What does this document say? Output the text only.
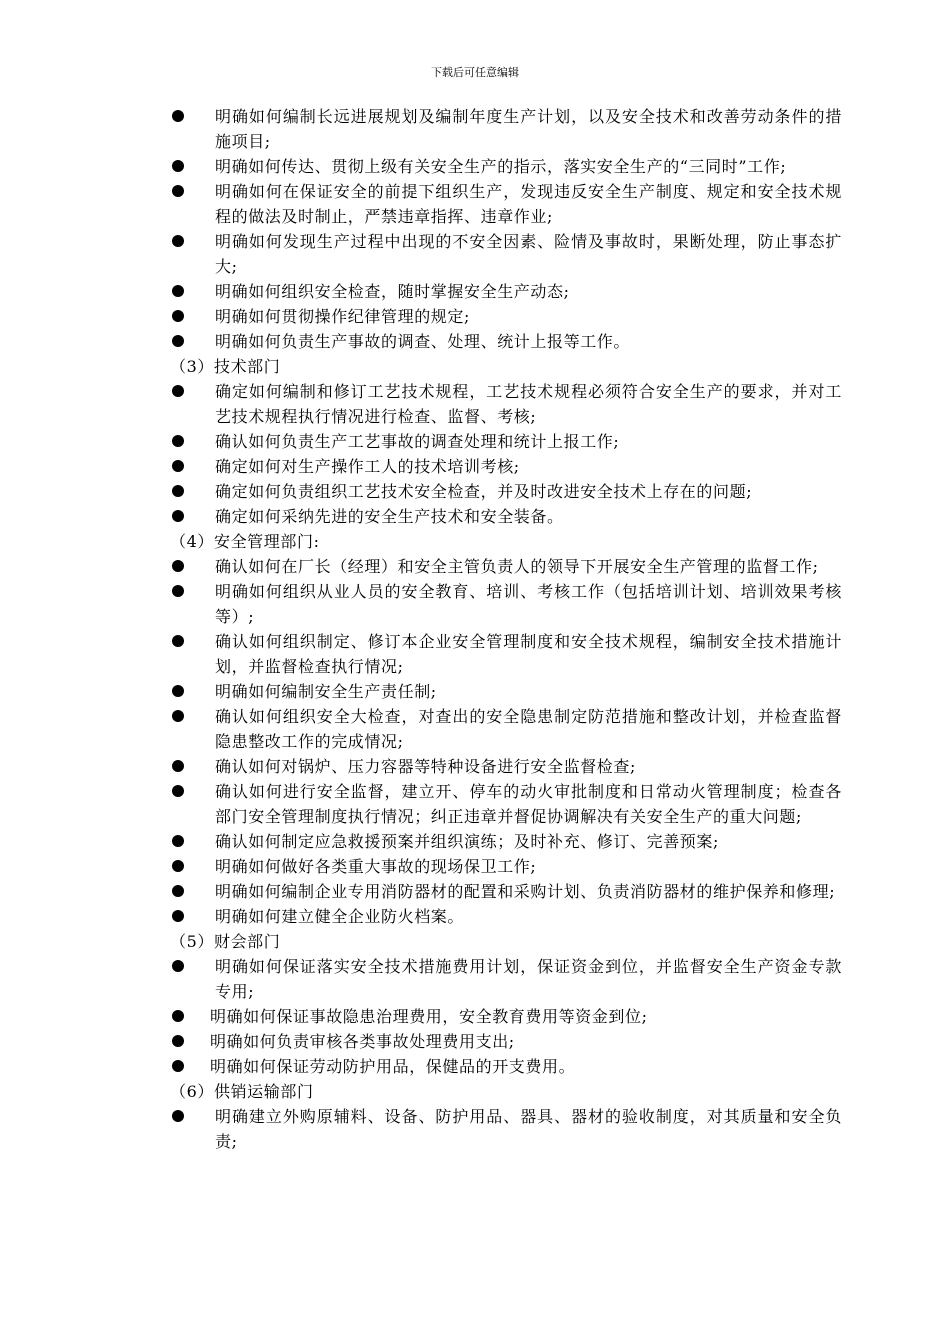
下载后可任意编辑
明确如何编制长远进展规划及编制年度生产计划，以及安全技术和改善劳动条件的措施项目;
明确如何传达、贯彻上级有关安全生产的指示，落实安全生产的“三同时”工作;
明确如何在保证安全的前提下组织生产，发现违反安全生产制度、规定和安全技术规程的做法及时制止，严禁违章指挥、违章作业;
明确如何发现生产过程中出现的不安全因素、险情及事故时，果断处理，防止事态扩大;
明确如何组织安全检查，随时掌握安全生产动态;
明确如何贯彻操作纪律管理的规定;
明确如何负责生产事故的调查、处理、统计上报等工作。
（3）技术部门
确定如何编制和修订工艺技术规程，工艺技术规程必须符合安全生产的要求，并对工艺技术规程执行情况进行检查、监督、考核;
确认如何负责生产工艺事故的调查处理和统计上报工作;
确定如何对生产操作工人的技术培训考核;
确定如何负责组织工艺技术安全检查，并及时改进安全技术上存在的问题;
确定如何采纳先进的安全生产技术和安全装备。
（4）安全管理部门:
确认如何在厂长（经理）和安全主管负责人的领导下开展安全生产管理的监督工作;
明确如何组织从业人员的安全教育、培训、考核工作（包括培训计划、培训效果考核等）;
确认如何组织制定、修订本企业安全管理制度和安全技术规程，编制安全技术措施计划，并监督检查执行情况;
明确如何编制安全生产责任制;
确认如何组织安全大检查，对查出的安全隐患制定防范措施和整改计划，并检查监督隐患整改工作的完成情况;
确认如何对锅炉、压力容器等特种设备进行安全监督检查;
确认如何进行安全监督，建立开、停车的动火审批制度和日常动火管理制度；检查各部门安全管理制度执行情况；纠正违章并督促协调解决有关安全生产的重大问题;
确认如何制定应急救援预案并组织演练；及时补充、修订、完善预案;
明确如何做好各类重大事故的现场保卫工作;
明确如何编制企业专用消防器材的配置和采购计划、负责消防器材的维护保养和修理;
明确如何建立健全企业防火档案。
（5）财会部门
明确如何保证落实安全技术措施费用计划，保证资金到位，并监督安全生产资金专款专用;
明确如何保证事故隐患治理费用，安全教育费用等资金到位;
明确如何负责审核各类事故处理费用支出;
明确如何保证劳动防护用品，保健品的开支费用。
（6）供销运输部门
明确建立外购原辅料、设备、防护用品、器具、器材的验收制度，对其质量和安全负责;
